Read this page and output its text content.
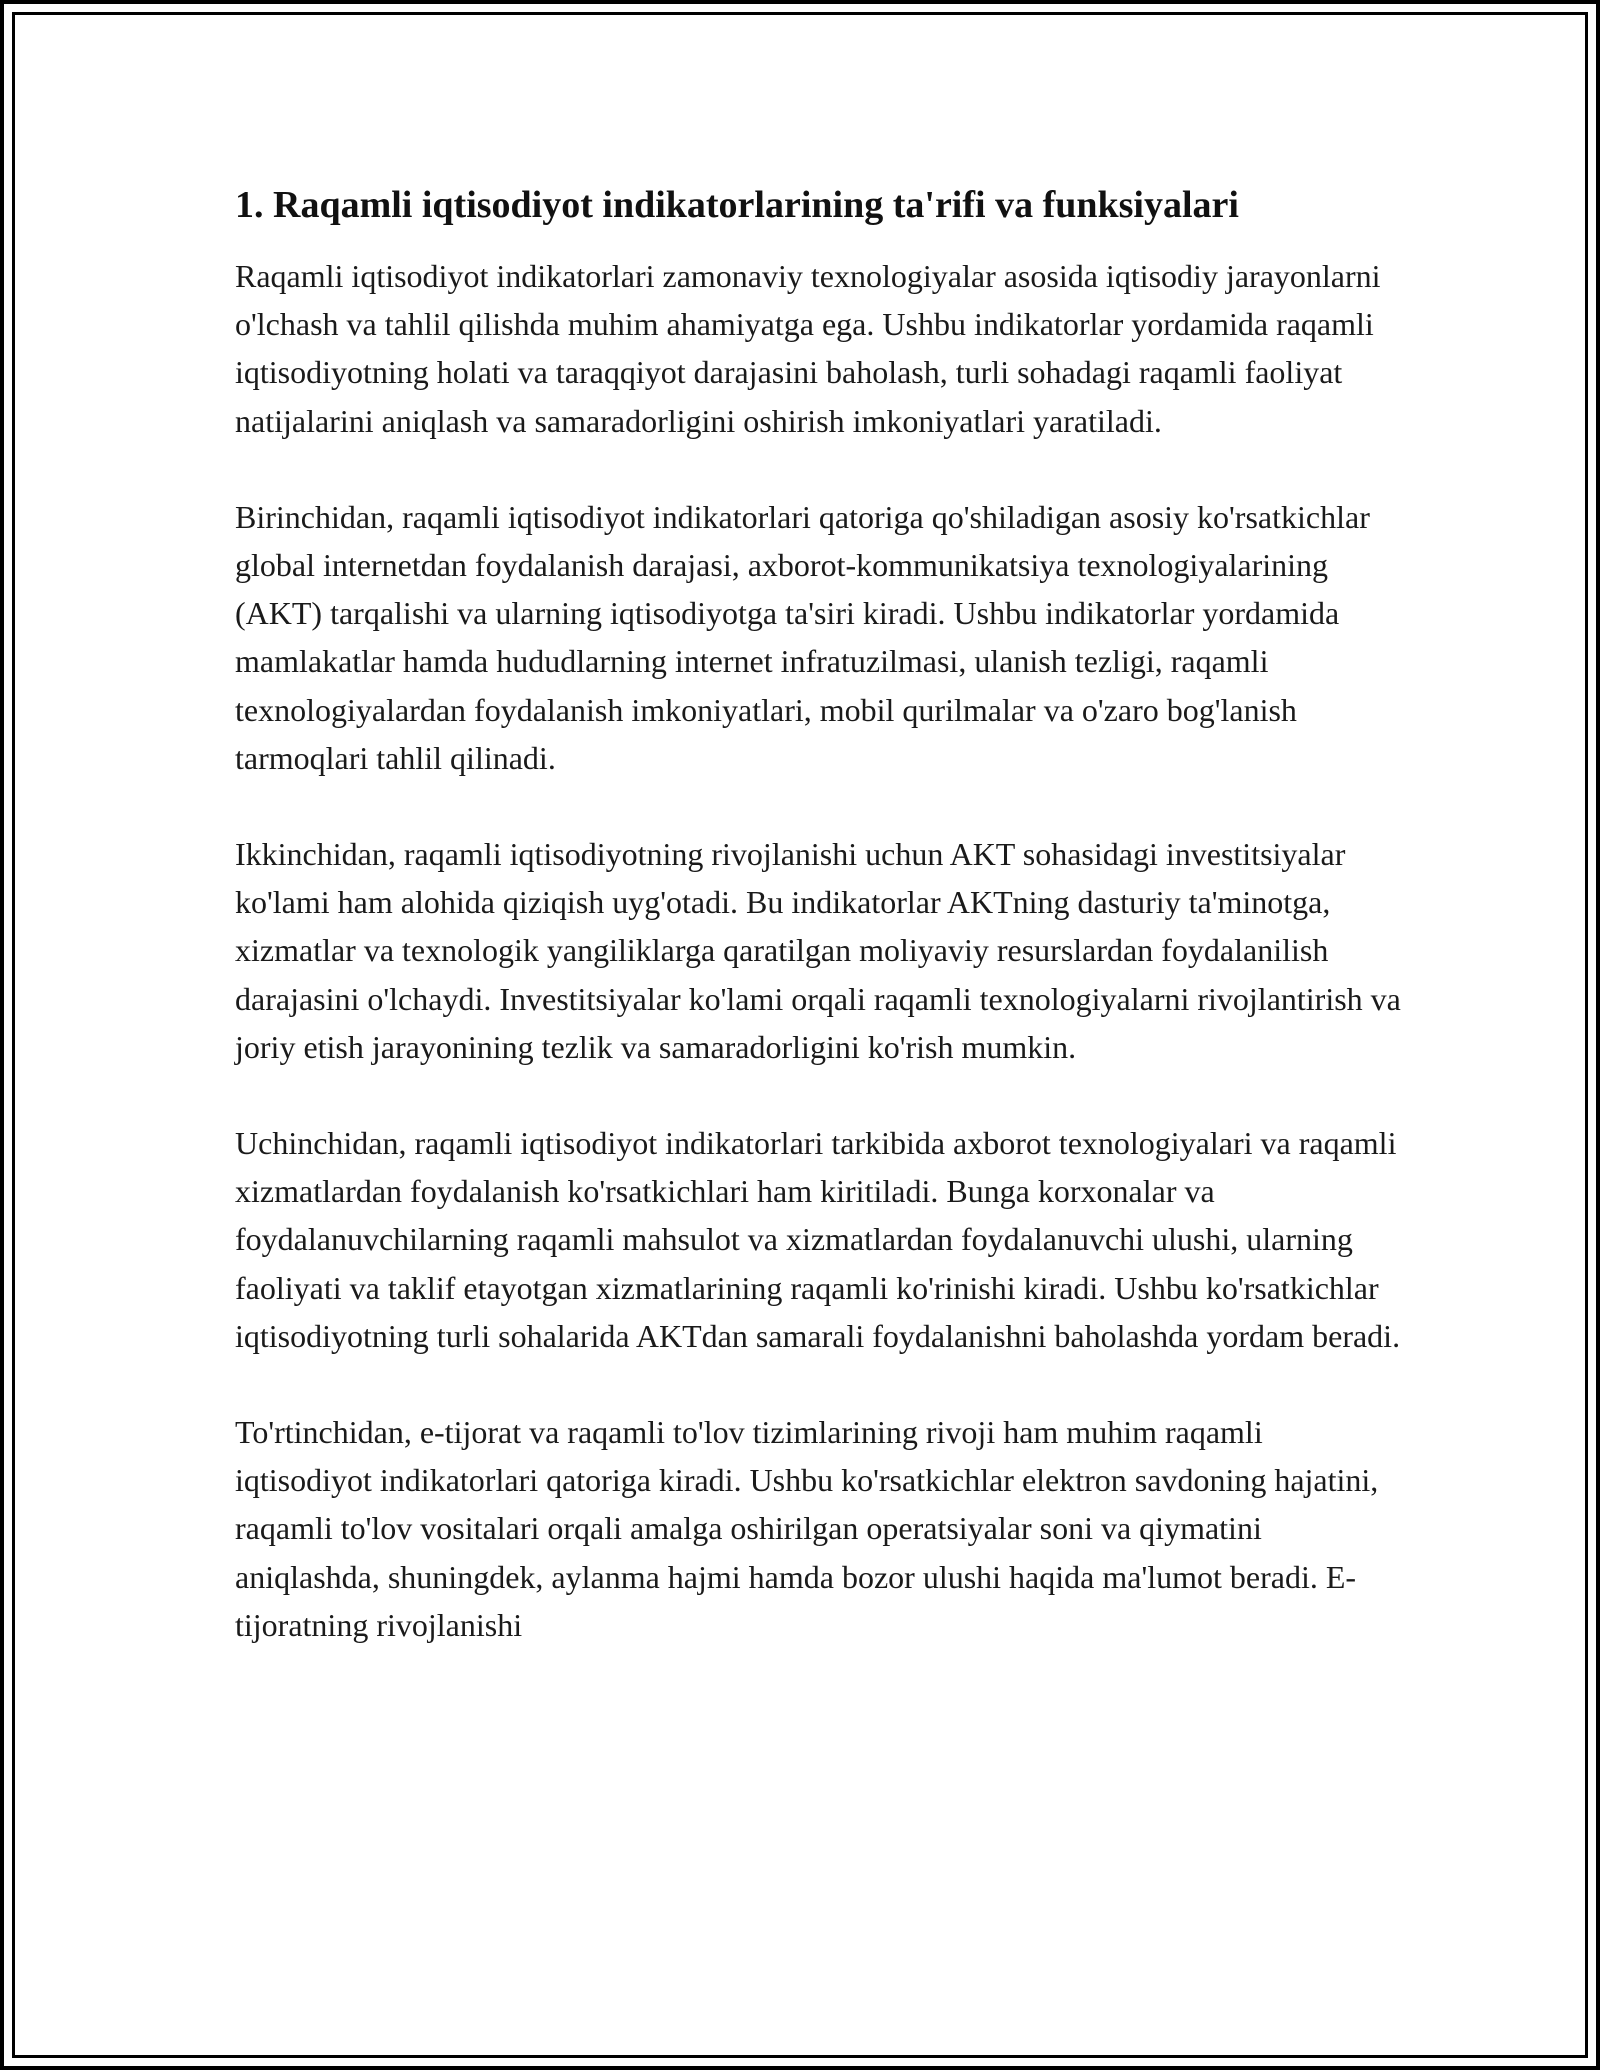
1. Raqamli iqtisodiyot indikatorlarining ta'rifi va funksiyalari

Raqamli iqtisodiyot indikatorlari zamonaviy texnologiyalar asosida iqtisodiy jarayonlarni o'lchash va tahlil qilishda muhim ahamiyatga ega. Ushbu indikatorlar yordamida raqamli iqtisodiyotning holati va taraqqiyot darajasini baholash, turli sohadagi raqamli faoliyat natijalarini aniqlash va samaradorligini oshirish imkoniyatlari yaratiladi.

Birinchidan, raqamli iqtisodiyot indikatorlari qatoriga qo'shiladigan asosiy ko'rsatkichlar global internetdan foydalanish darajasi, axborot-kommunikatsiya texnologiyalarining (AKT) tarqalishi va ularning iqtisodiyotga ta'siri kiradi. Ushbu indikatorlar yordamida mamlakatlar hamda hududlarning internet infratuzilmasi, ulanish tezligi, raqamli texnologiyalardan foydalanish imkoniyatlari, mobil qurilmalar va o'zaro bog'lanish tarmoqlari tahlil qilinadi.

Ikkinchidan, raqamli iqtisodiyotning rivojlanishi uchun AKT sohasidagi investitsiyalar ko'lami ham alohida qiziqish uyg'otadi. Bu indikatorlar AKTning dasturiy ta'minotga, xizmatlar va texnologik yangiliklarga qaratilgan moliyaviy resurslardan foydalanilish darajasini o'lchaydi. Investitsiyalar ko'lami orqali raqamli texnologiyalarni rivojlantirish va joriy etish jarayonining tezlik va samaradorligini ko'rish mumkin.

Uchinchidan, raqamli iqtisodiyot indikatorlari tarkibida axborot texnologiyalari va raqamli xizmatlardan foydalanish ko'rsatkichlari ham kiritiladi. Bunga korxonalar va foydalanuvchilarning raqamli mahsulot va xizmatlardan foydalanuvchi ulushi, ularning faoliyati va taklif etayotgan xizmatlarining raqamli ko'rinishi kiradi. Ushbu ko'rsatkichlar iqtisodiyotning turli sohalarida AKTdan samarali foydalanishni baholashda yordam beradi.

To'rtinchidan, e-tijorat va raqamli to'lov tizimlarining rivoji ham muhim raqamli iqtisodiyot indikatorlari qatoriga kiradi. Ushbu ko'rsatkichlar elektron savdoning hajatini, raqamli to'lov vositalari orqali amalga oshirilgan operatsiyalar soni va qiymatini aniqlashda, shuningdek, aylanma hajmi hamda bozor ulushi haqida ma'lumot beradi. E-tijoratning rivojlanishi
